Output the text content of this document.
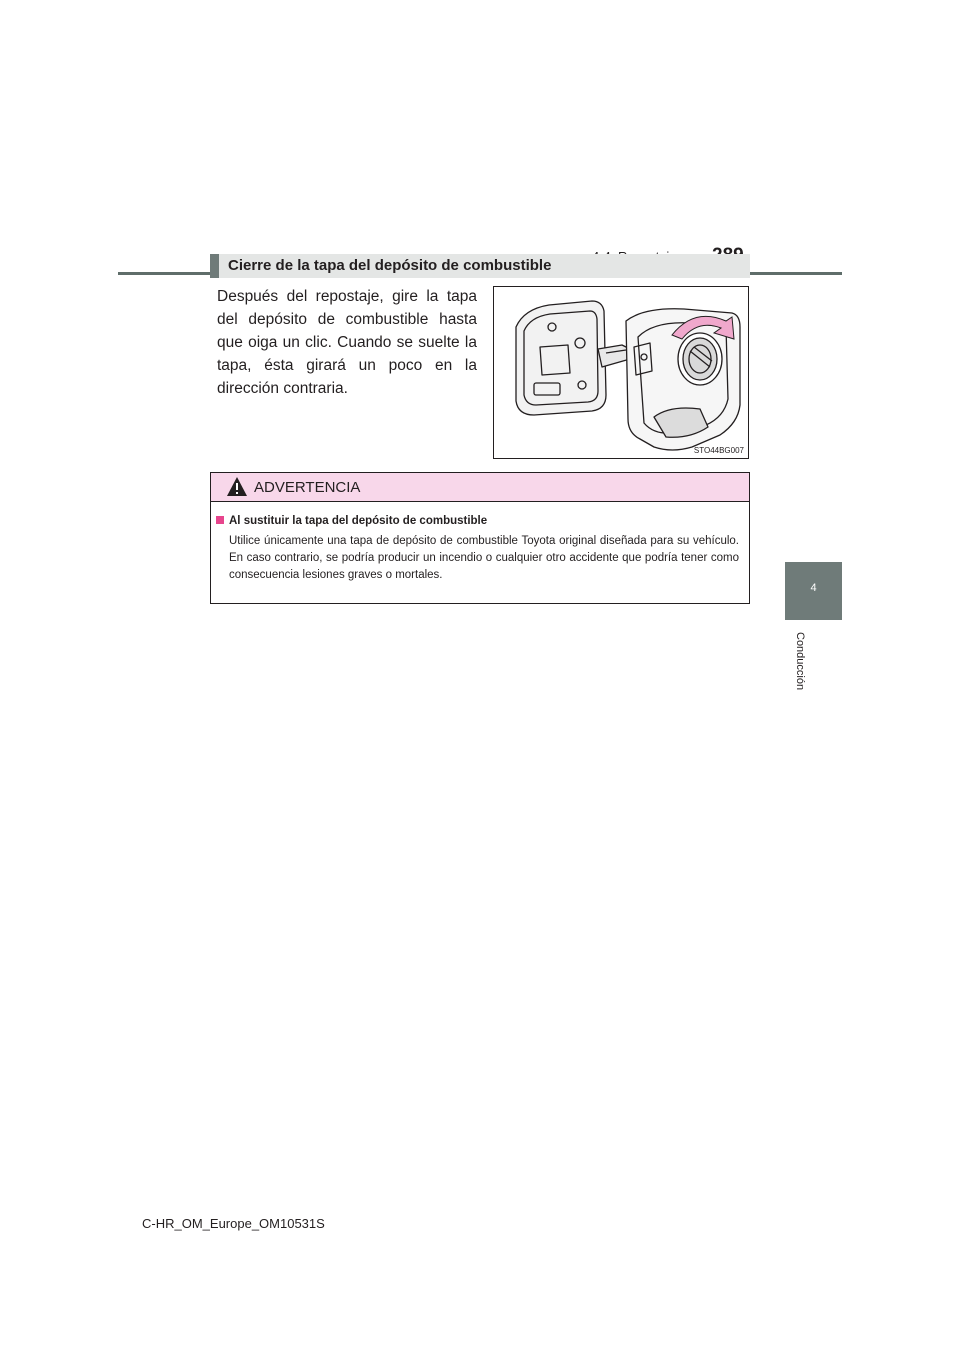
4
Conducción
Cierre de la tapa del depósito de combustible
Después del repostaje, gire la tapa del depósito de combustible hasta que oiga un clic. Cuando se suelte la tapa, ésta girará un poco en la dirección contraria.
STO44BG007
ADVERTENCIA
Al sustituir la tapa del depósito de combustible
Utilice únicamente una tapa de depósito de combustible Toyota original diseñada para su vehículo. En caso contrario, se podría producir un incendio o cualquier otro accidente que podría tener como consecuencia lesiones graves o mortales.
C-HR_OM_Europe_OM10531S
